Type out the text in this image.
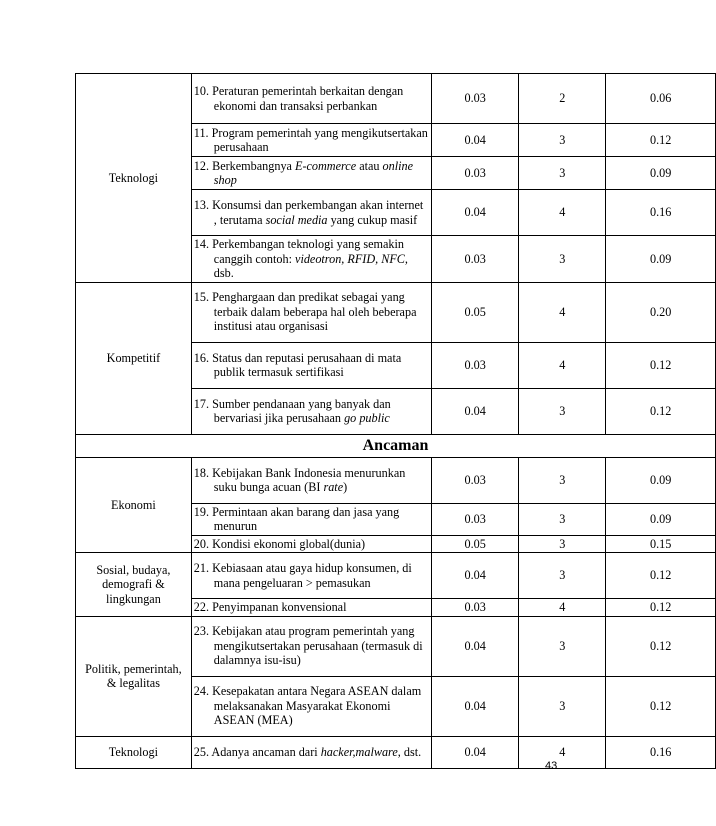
Teknologi	10. Peraturan pemerintah berkaitan dengan ekonomi dan transaksi perbankan	0.03	2	0.06
	11. Program pemerintah yang mengikutsertakan perusahaan	0.04	3	0.12
	12. Berkembangnya E-commerce atau online shop	0.03	3	0.09
	13. Konsumsi dan perkembangan akan internet , terutama social media yang cukup masif	0.04	4	0.16
	14. Perkembangan teknologi yang semakin canggih contoh: videotron, RFID, NFC, dsb.	0.03	3	0.09
Kompetitif	15. Penghargaan dan predikat sebagai yang terbaik dalam beberapa hal oleh beberapa institusi atau organisasi	0.05	4	0.20
	16. Status dan reputasi perusahaan di mata publik termasuk sertifikasi	0.03	4	0.12
	17. Sumber pendanaan yang banyak dan bervariasi jika perusahaan go public	0.04	3	0.12
Ancaman				
Ekonomi	18. Kebijakan Bank Indonesia menurunkan suku bunga acuan (BI rate)	0.03	3	0.09
	19. Permintaan akan barang dan jasa yang menurun	0.03	3	0.09
	20. Kondisi ekonomi global(dunia)	0.05	3	0.15
Sosial, budaya, demografi & lingkungan	21. Kebiasaan atau gaya hidup konsumen, di mana pengeluaran > pemasukan	0.04	3	0.12
	22. Penyimpanan konvensional	0.03	4	0.12
Politik, pemerintah, & legalitas	23. Kebijakan atau program pemerintah yang mengikutsertakan perusahaan (termasuk di dalamnya isu-isu)	0.04	3	0.12
	24. Kesepakatan antara Negara ASEAN dalam melaksanakan Masyarakat Ekonomi ASEAN (MEA)	0.04	3	0.12
Teknologi	25. Adanya ancaman dari hacker,malware, dst.	0.04	4	0.16
43
